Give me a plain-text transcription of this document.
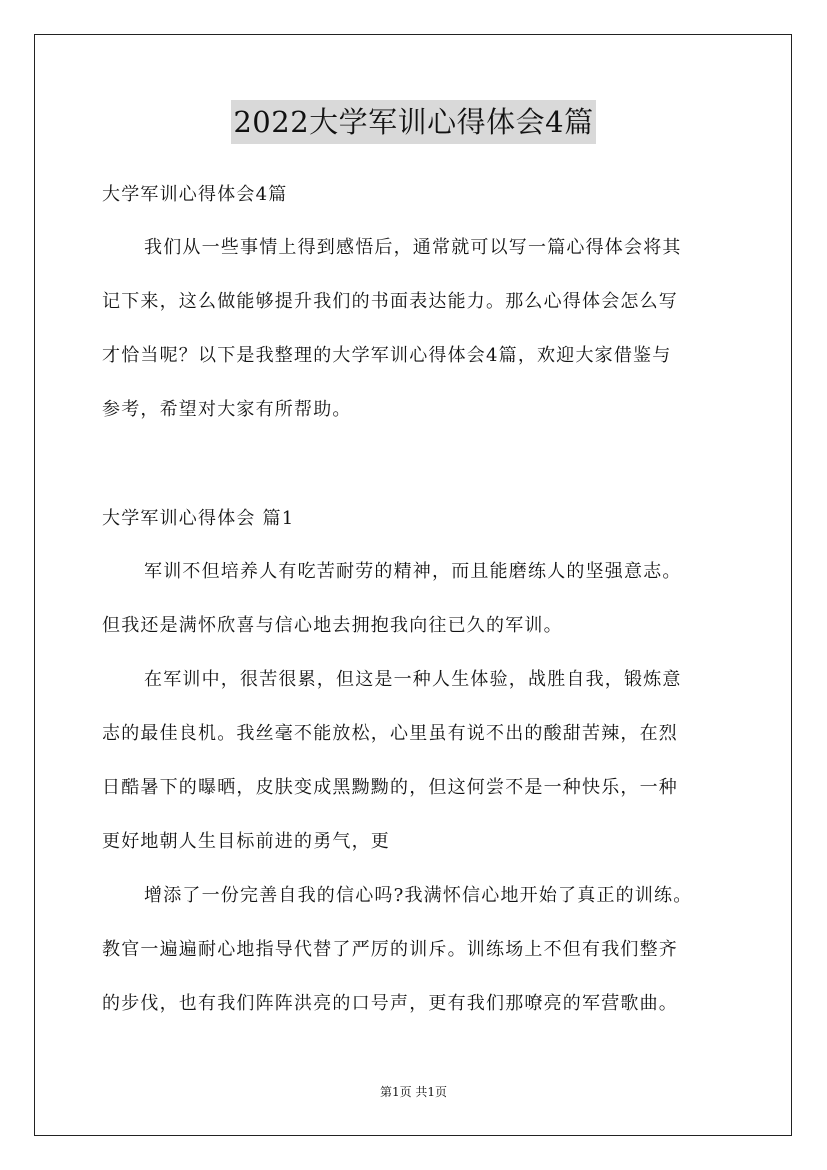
2022大学军训心得体会4篇
大学军训心得体会4篇
我们从一些事情上得到感悟后，通常就可以写一篇心得体会将其
记下来，这么做能够提升我们的书面表达能力。那么心得体会怎么写
才恰当呢？以下是我整理的大学军训心得体会4篇，欢迎大家借鉴与
参考，希望对大家有所帮助。
大学军训心得体会 篇1
军训不但培养人有吃苦耐劳的精神，而且能磨练人的坚强意志。
但我还是满怀欣喜与信心地去拥抱我向往已久的军训。
在军训中，很苦很累，但这是一种人生体验，战胜自我，锻炼意
志的最佳良机。我丝毫不能放松，心里虽有说不出的酸甜苦辣，在烈
日酷暑下的曝晒，皮肤变成黑黝黝的，但这何尝不是一种快乐，一种
更好地朝人生目标前进的勇气，更
增添了一份完善自我的信心吗?我满怀信心地开始了真正的训练。
教官一遍遍耐心地指导代替了严厉的训斥。训练场上不但有我们整齐
的步伐，也有我们阵阵洪亮的口号声，更有我们那嘹亮的军营歌曲。
第1页 共1页
